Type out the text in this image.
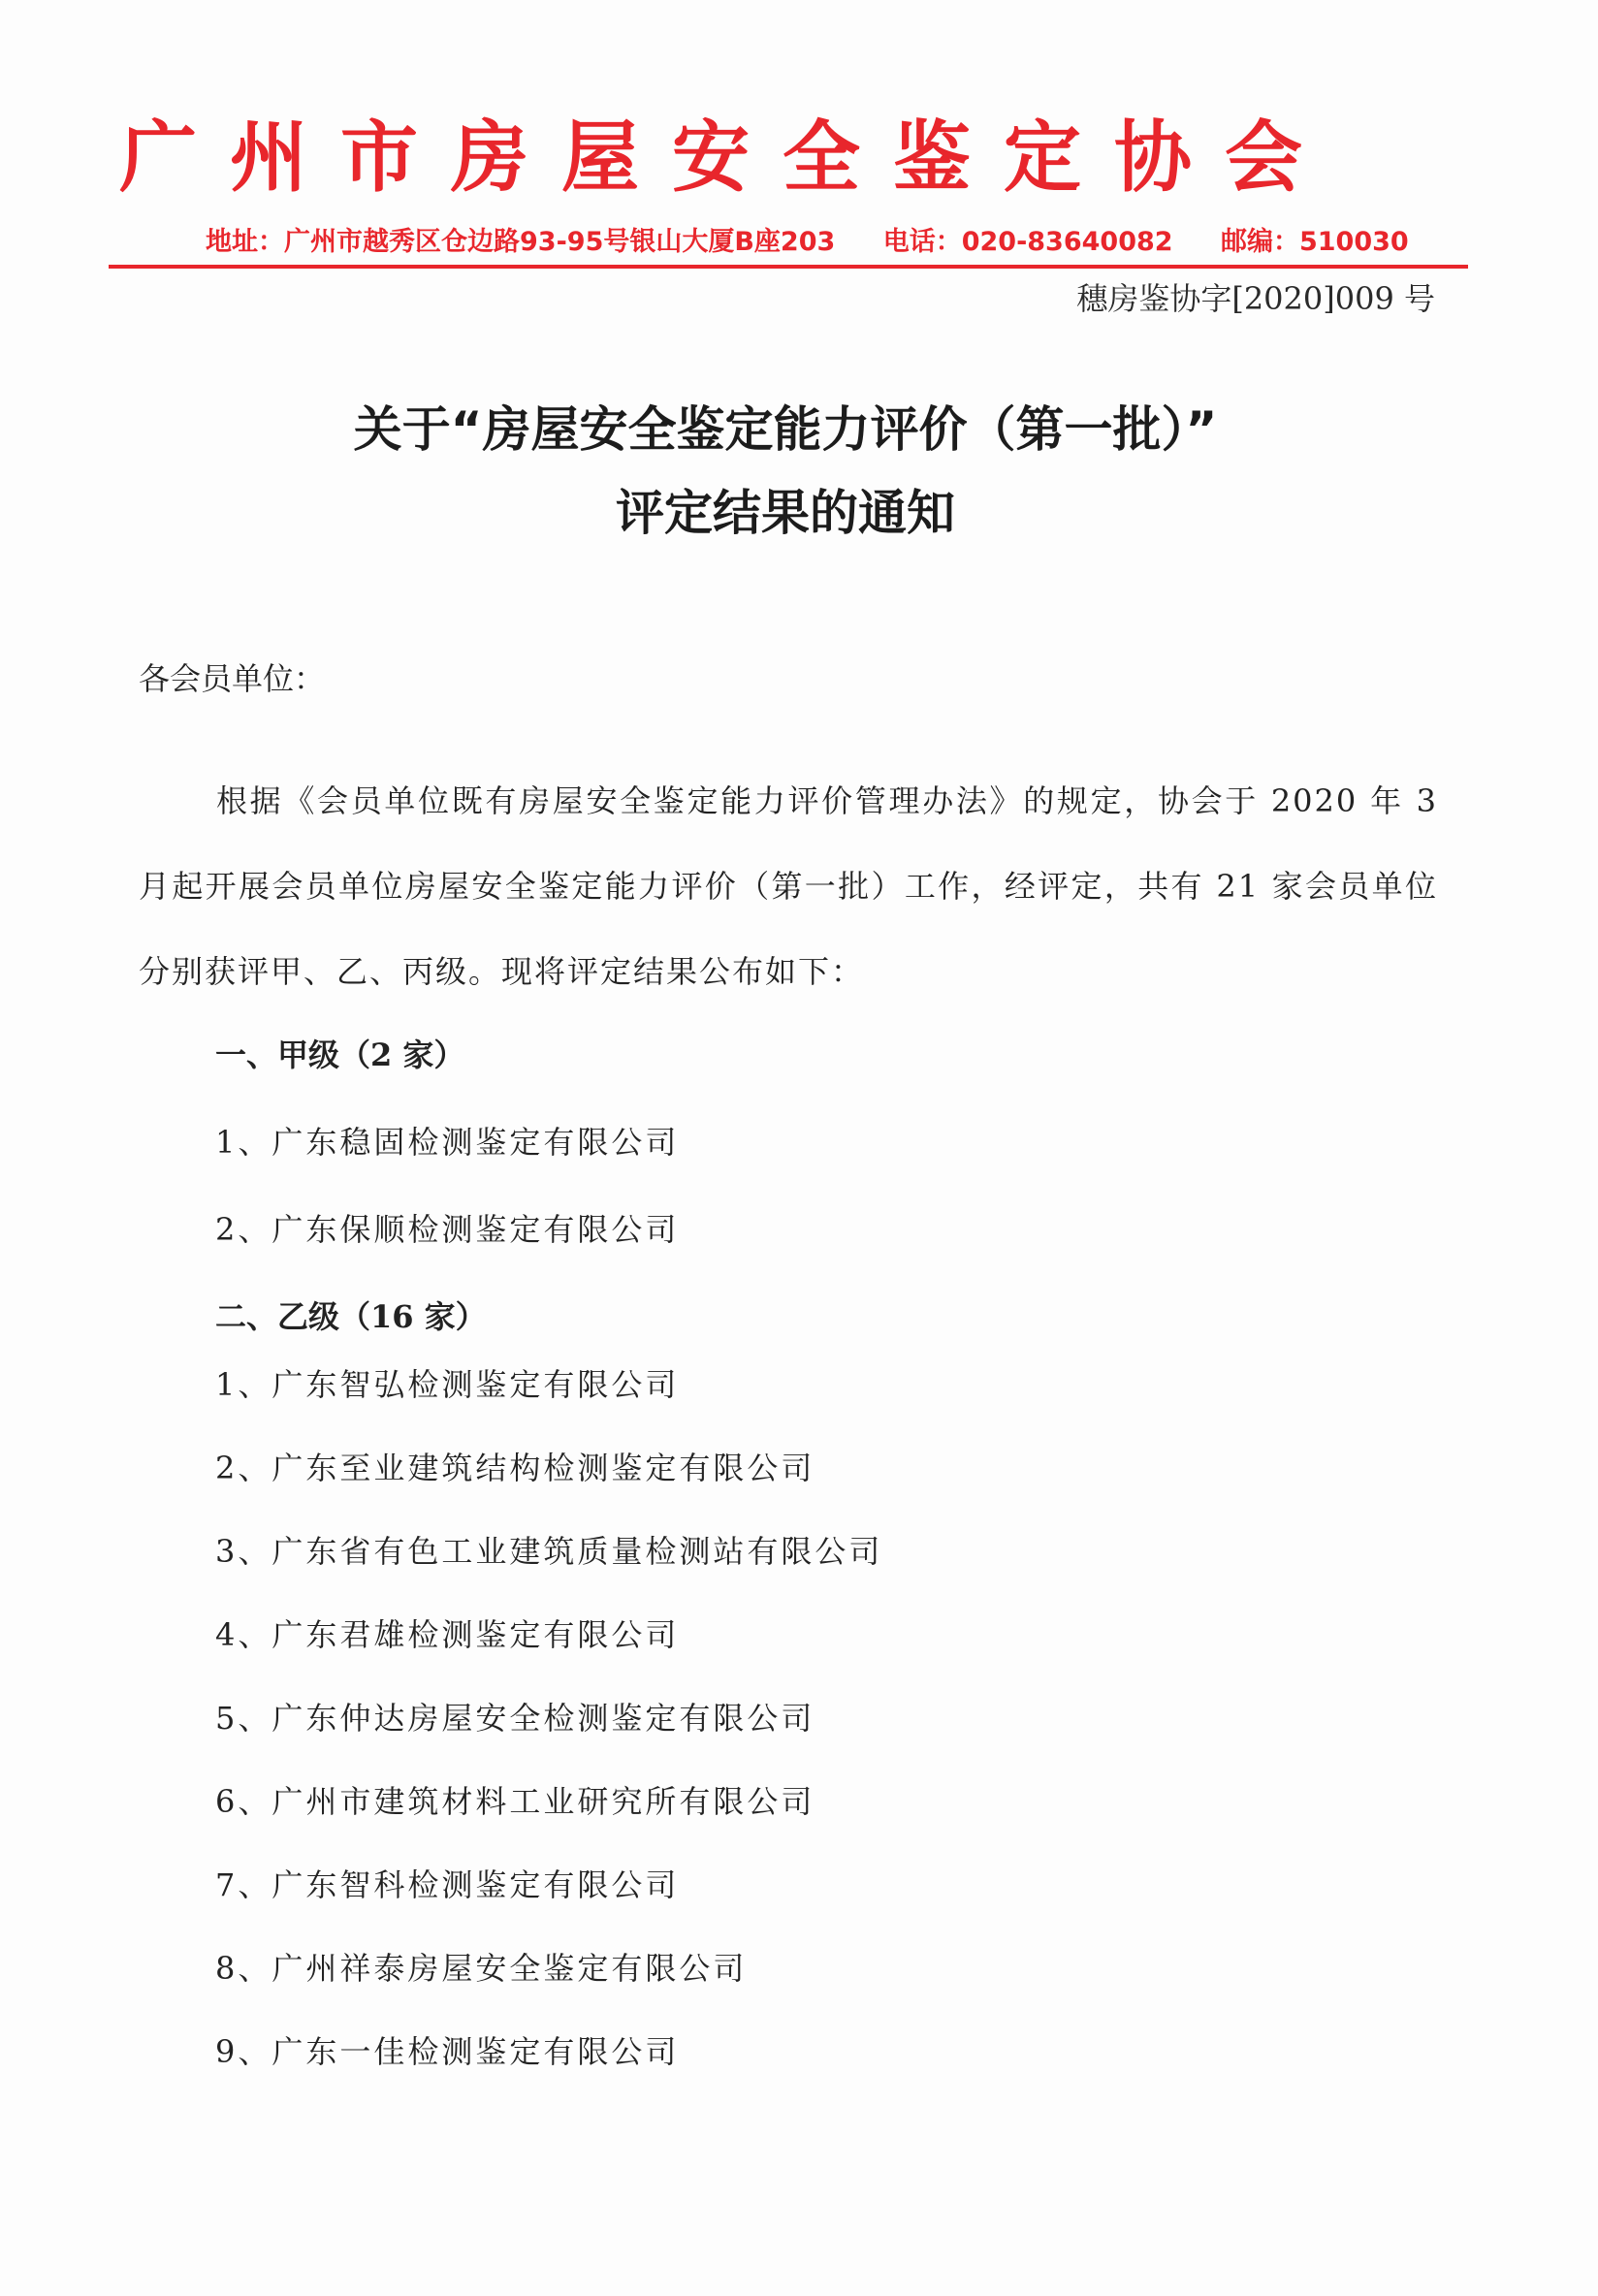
广州市房屋安全鉴定协会
地址：广州市越秀区仓边路93-95号银山大厦B座203 电话：020-83640082 邮编：510030
穗房鉴协字[2020]009 号
关于“房屋安全鉴定能力评价（第一批）”
评定结果的通知
各会员单位：
根据《会员单位既有房屋安全鉴定能力评价管理办法》的规定，协会于 2020 年 3 月起开展会员单位房屋安全鉴定能力评价（第一批）工作，经评定，共有 21 家会员单位分别获评甲、乙、丙级。现将评定结果公布如下：
一、甲级（2 家）
1、广东稳固检测鉴定有限公司
2、广东保顺检测鉴定有限公司
二、乙级（16 家）
1、广东智弘检测鉴定有限公司
2、广东至业建筑结构检测鉴定有限公司
3、广东省有色工业建筑质量检测站有限公司
4、广东君雄检测鉴定有限公司
5、广东仲达房屋安全检测鉴定有限公司
6、广州市建筑材料工业研究所有限公司
7、广东智科检测鉴定有限公司
8、广州祥泰房屋安全鉴定有限公司
9、广东一佳检测鉴定有限公司
